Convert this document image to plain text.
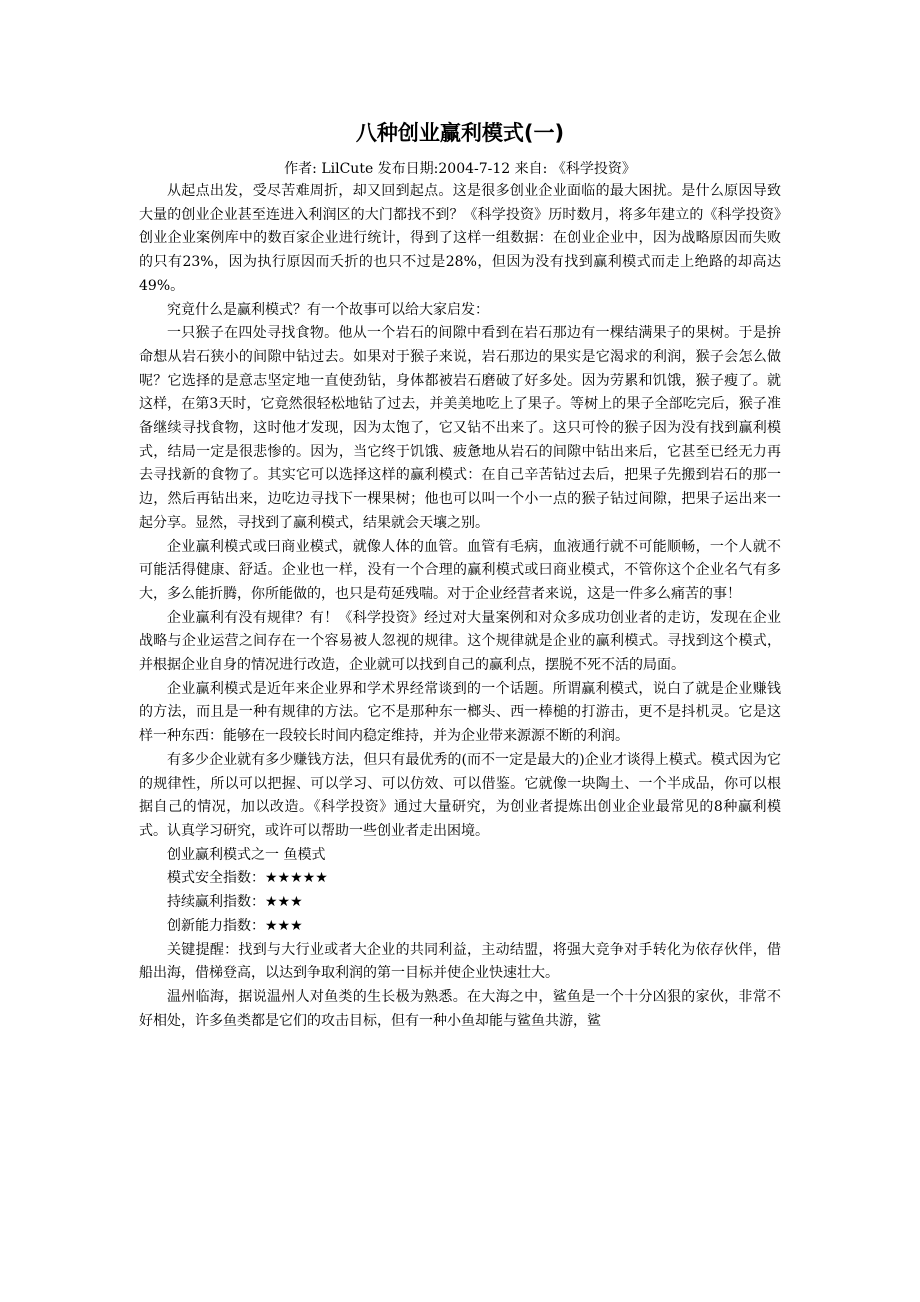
八种创业赢利模式(一)

作者: LilCute 发布日期:2004-7-12 来自: 《科学投资》

从起点出发，受尽苦难周折，却又回到起点。这是很多创业企业面临的最大困扰。是什么原因导致大量的创业企业甚至连进入利润区的大门都找不到？《科学投资》历时数月，将多年建立的《科学投资》创业企业案例库中的数百家企业进行统计，得到了这样一组数据：在创业企业中，因为战略原因而失败的只有23%，因为执行原因而夭折的也只不过是28%，但因为没有找到赢利模式而走上绝路的却高达49%。

究竟什么是赢利模式？有一个故事可以给大家启发：

一只猴子在四处寻找食物。他从一个岩石的间隙中看到在岩石那边有一棵结满果子的果树。于是拚命想从岩石狭小的间隙中钻过去。如果对于猴子来说，岩石那边的果实是它渴求的利润，猴子会怎么做呢？它选择的是意志坚定地一直使劲钻，身体都被岩石磨破了好多处。因为劳累和饥饿，猴子瘦了。就这样，在第3天时，它竟然很轻松地钻了过去，并美美地吃上了果子。等树上的果子全部吃完后，猴子准备继续寻找食物，这时他才发现，因为太饱了，它又钻不出来了。这只可怜的猴子因为没有找到赢利模式，结局一定是很悲惨的。因为，当它终于饥饿、疲惫地从岩石的间隙中钻出来后，它甚至已经无力再去寻找新的食物了。其实它可以选择这样的赢利模式：在自己辛苦钻过去后，把果子先搬到岩石的那一边，然后再钻出来，边吃边寻找下一棵果树；他也可以叫一个小一点的猴子钻过间隙，把果子运出来一起分享。显然，寻找到了赢利模式，结果就会天壤之别。

企业赢利模式或曰商业模式，就像人体的血管。血管有毛病，血液通行就不可能顺畅，一个人就不可能活得健康、舒适。企业也一样，没有一个合理的赢利模式或曰商业模式，不管你这个企业名气有多大，多么能折腾，你所能做的，也只是苟延残喘。对于企业经营者来说，这是一件多么痛苦的事！

企业赢利有没有规律？有！《科学投资》经过对大量案例和对众多成功创业者的走访，发现在企业战略与企业运营之间存在一个容易被人忽视的规律。这个规律就是企业的赢利模式。寻找到这个模式，并根据企业自身的情况进行改造，企业就可以找到自己的赢利点，摆脱不死不活的局面。

企业赢利模式是近年来企业界和学术界经常谈到的一个话题。所谓赢利模式，说白了就是企业赚钱的方法，而且是一种有规律的方法。它不是那种东一榔头、西一棒槌的打游击，更不是抖机灵。它是这样一种东西：能够在一段较长时间内稳定维持，并为企业带来源源不断的利润。

有多少企业就有多少赚钱方法，但只有最优秀的(而不一定是最大的)企业才谈得上模式。模式因为它的规律性，所以可以把握、可以学习、可以仿效、可以借鉴。它就像一块陶土、一个半成品，你可以根据自己的情况，加以改造。《科学投资》通过大量研究，为创业者提炼出创业企业最常见的8种赢利模式。认真学习研究，或许可以帮助一些创业者走出困境。

创业赢利模式之一 鱼模式

模式安全指数：★★★★★

持续赢利指数：★★★

创新能力指数：★★★

关键提醒：找到与大行业或者大企业的共同利益，主动结盟，将强大竞争对手转化为依存伙伴，借船出海，借梯登高，以达到争取利润的第一目标并使企业快速壮大。

温州临海，据说温州人对鱼类的生长极为熟悉。在大海之中，鲨鱼是一个十分凶狠的家伙，非常不好相处，许多鱼类都是它们的攻击目标，但有一种小鱼却能与鲨鱼共游，鲨
